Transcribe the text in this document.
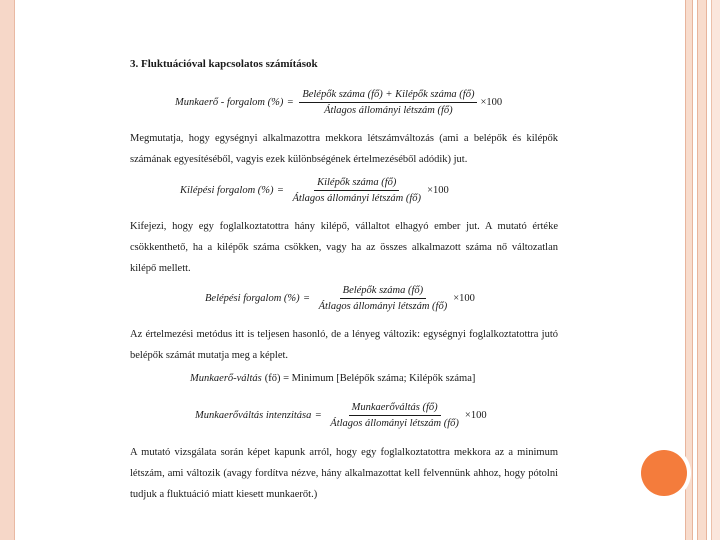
3. Fluktuációval kapcsolatos számítások
Munkaerő - forgalom (%) = $\frac{\text{Belépők száma (fő) + Kilépők száma (fő)}}{\text{Átlagos állományi létszám (fő)}} \times 100$
Megmutatja, hogy egységnyi alkalmazottra mekkora létszámváltozás (ami a belépők és kilépők számának egyesítéséből, vagyis ezek különbségének értelmezéséből adódik) jut.
Kilépési forgalom (%) = $\frac{\text{Kilépők száma (fő)}}{\text{Átlagos állományi létszám (fő)}} \times 100$
Kifejezi, hogy egy foglalkoztatottra hány kilépő, vállaltot elhagyó ember jut. A mutató értéke csökkenthető, ha a kilépők száma csökken, vagy ha az összes alkalmazott száma nő változatlan kilépő mellett.
Belépési forgalom (%) = $\frac{\text{Belépők száma (fő)}}{\text{Átlagos állományi létszám (fő)}} \times 100$
Az értelmezési metódus itt is teljesen hasonló, de a lényeg változik: egységnyi foglalkoztatottra jutó belépők számát mutatja meg a képlet.
Munkaerő-váltás (fő) = Minimum [Belépők száma; Kilépők száma]
Munkaerőváltás intenzitása = $\frac{\text{Munkaerőváltás (fő)}}{\text{Átlagos állományi létszám (fő)}} \times 100$
A mutató vizsgálata során képet kapunk arról, hogy egy foglalkoztatottra mekkora az a minimum létszám, ami változik (avagy fordítva nézve, hány alkalmazottat kell felvennünk ahhoz, hogy pótolni tudjuk a fluktuáció miatt kiesett munkaerőt.)
